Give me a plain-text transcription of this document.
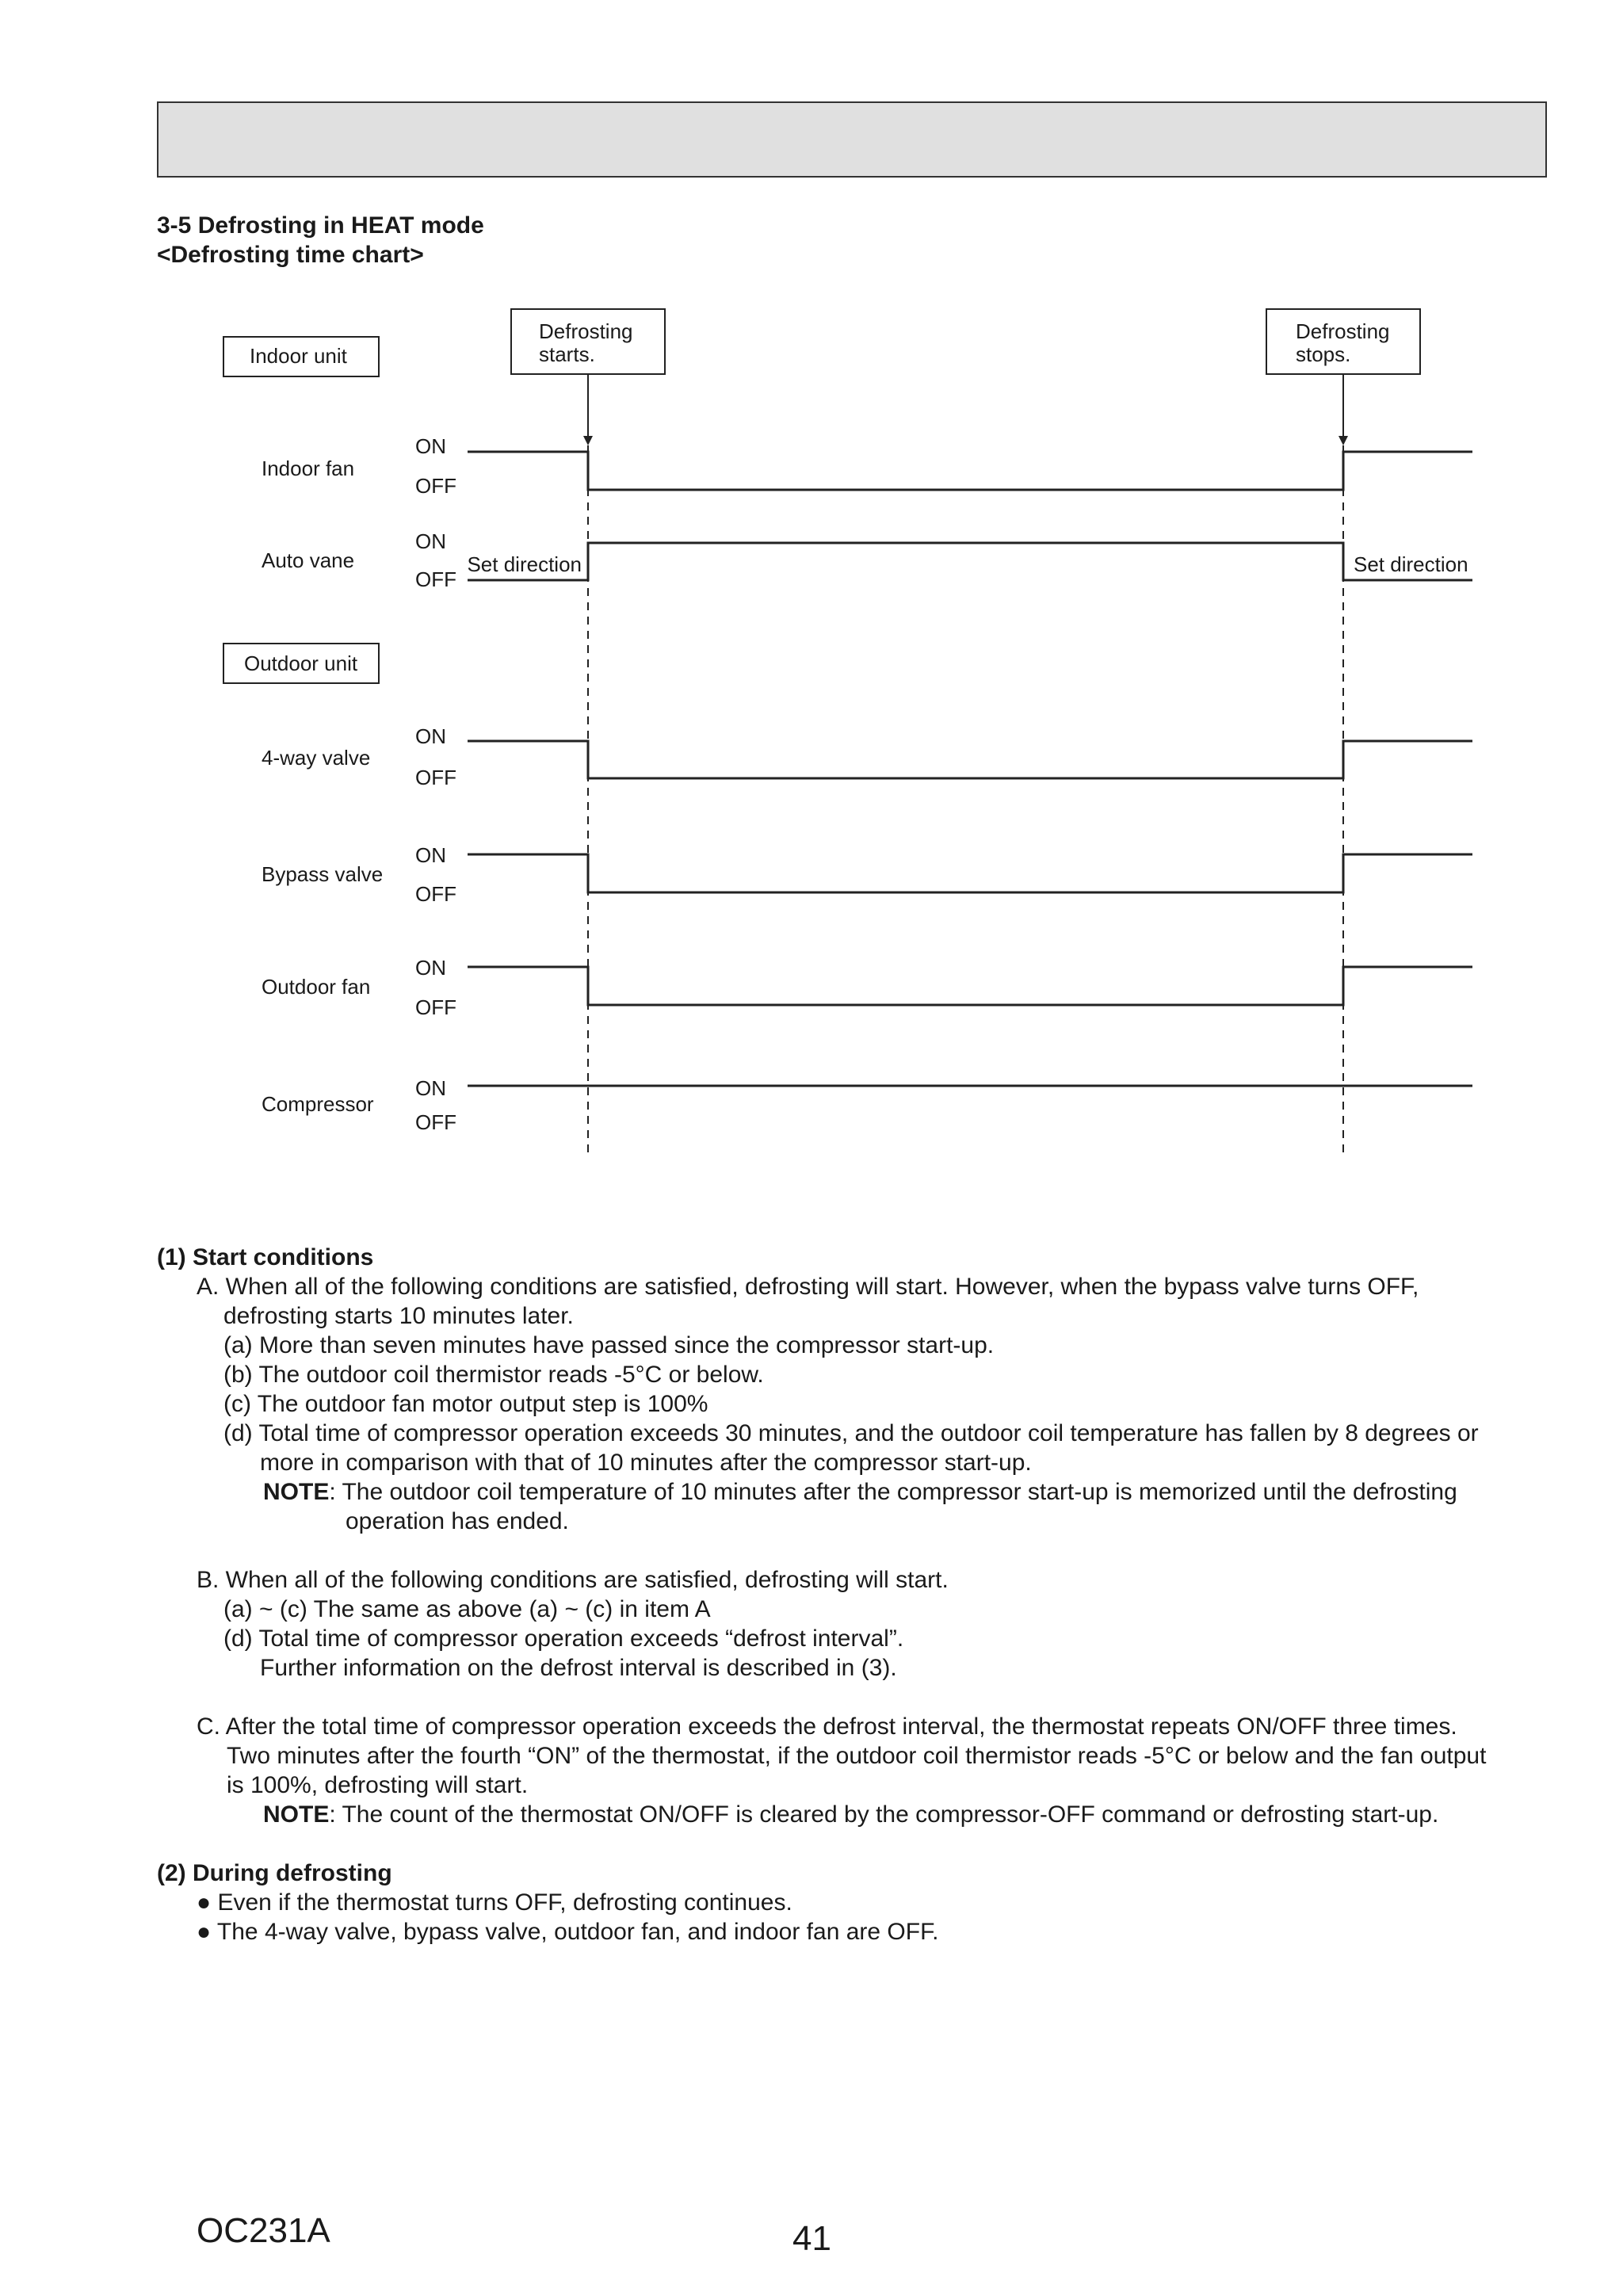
3-5 Defrosting in HEAT mode
<Defrosting time chart>
Indoor unit
Outdoor unit
Defrosting
starts.
Defrosting
stops.
Indoor fan
ON
OFF
Auto vane
ON
OFF
Set direction	Set direction
4-way valve
ON
OFF
Bypass valve
ON
OFF
Outdoor fan
ON
OFF
Compressor
ON
OFF
(1) Start conditions
A. When all of the following conditions are satisfied, defrosting will start. However, when the bypass valve turns OFF,
defrosting starts 10 minutes later.
(a) More than seven minutes have passed since the compressor start-up.
(b) The outdoor coil thermistor reads -5°C or below.
(c) The outdoor fan motor output step is 100%
(d) Total time of compressor operation exceeds 30 minutes, and the outdoor coil temperature has fallen by 8 degrees or
more in comparison with that of 10 minutes after the compressor start-up.
NOTE: The outdoor coil temperature of 10 minutes after the compressor start-up is memorized until the defrosting
operation has ended.
B. When all of the following conditions are satisfied, defrosting will start.
(a) ~ (c) The same as above (a) ~ (c) in item A
(d) Total time of compressor operation exceeds “defrost interval”.
Further information on the defrost interval is described in (3).
C. After the total time of compressor operation exceeds the defrost interval, the thermostat repeats ON/OFF three times.
Two minutes after the fourth “ON” of the thermostat, if the outdoor coil thermistor reads -5°C or below and the fan output
is 100%, defrosting will start.
NOTE: The count of the thermostat ON/OFF is cleared by the compressor-OFF command or defrosting start-up.
(2) During defrosting
● Even if the thermostat turns OFF, defrosting continues.
● The 4-way valve, bypass valve, outdoor fan, and indoor fan are OFF.
OC231A	41
